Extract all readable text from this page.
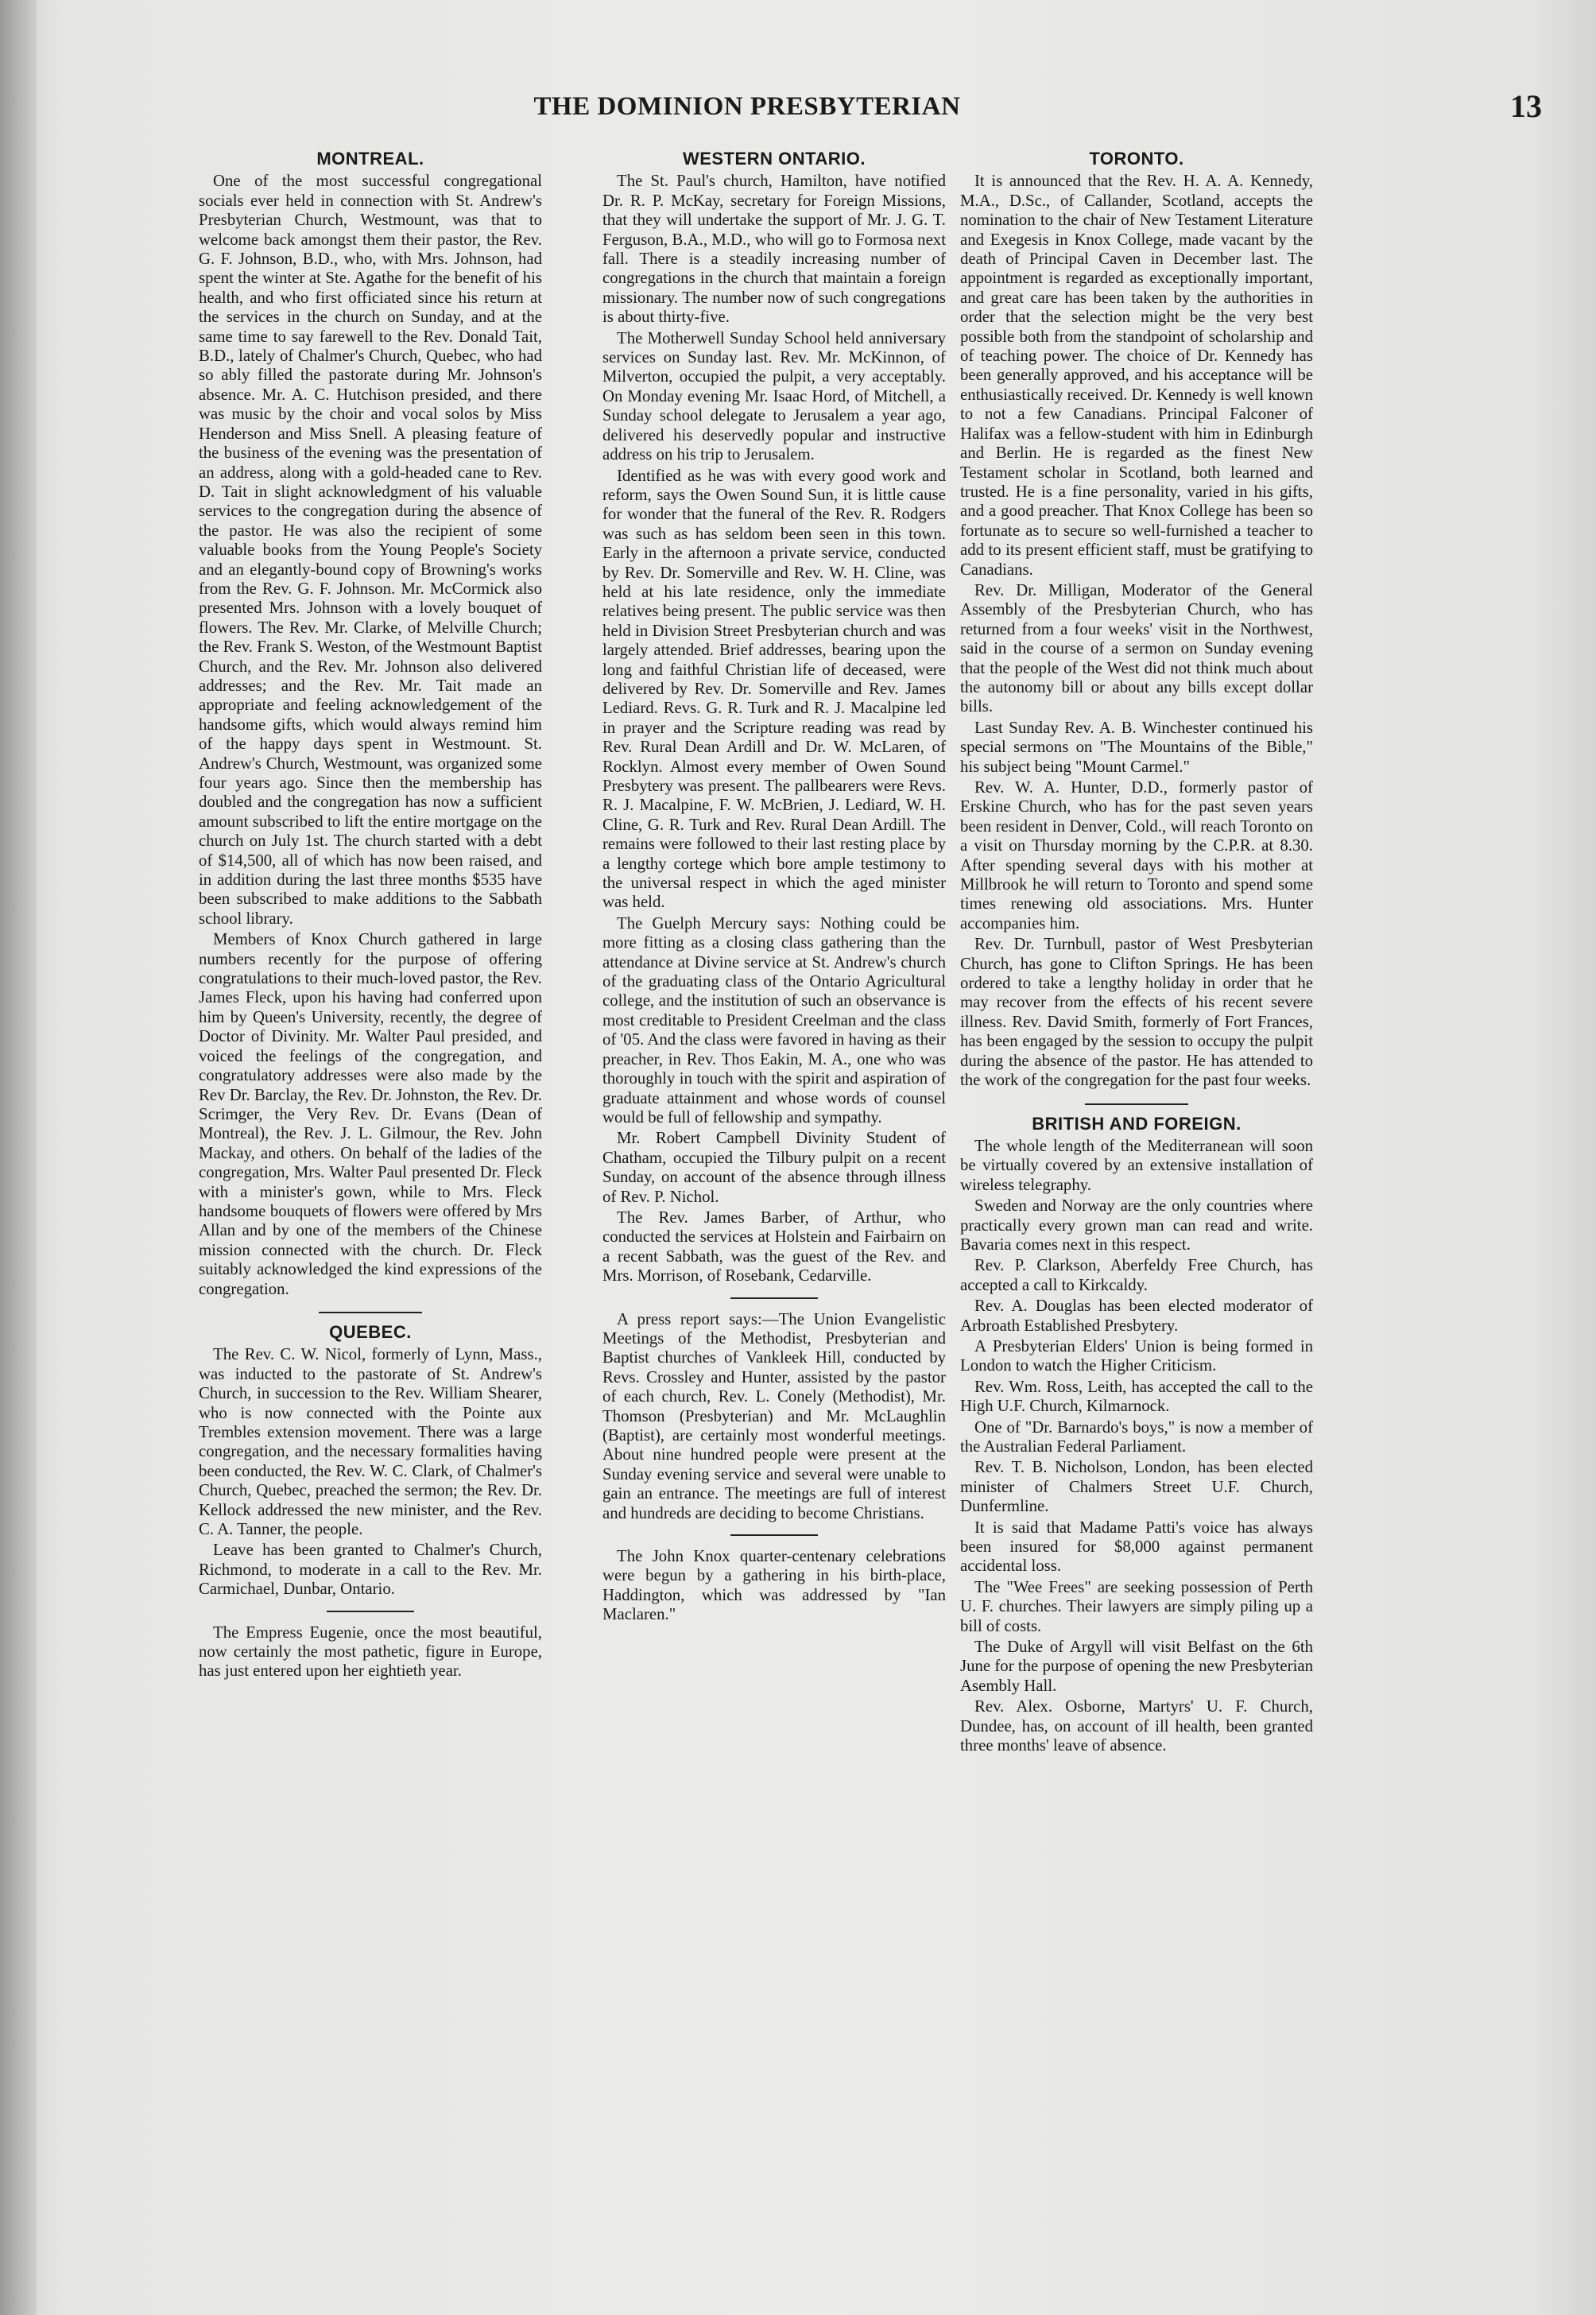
THE DOMINION PRESBYTERIAN	13
MONTREAL.

One of the most successful congregational socials ever held in connection with St. Andrew's Presbyterian Church, Westmount, was that to welcome back amongst them their pastor, the Rev. G. F. Johnson, B.D., who, with Mrs. Johnson, had spent the winter at Ste. Agathe for the benefit of his health, and who first officiated since his return at the services in the church on Sunday, and at the same time to say farewell to the Rev. Donald Tait, B.D., lately of Chalmer's Church, Quebec, who had so ably filled the pastorate during Mr. Johnson's absence. Mr. A. C. Hutchison presided, and there was music by the choir and vocal solos by Miss Henderson and Miss Snell. A pleasing feature of the business of the evening was the presentation of an address, along with a gold-headed cane to Rev. D. Tait in slight acknowledgment of his valuable services to the congregation during the absence of the pastor. He was also the recipient of some valuable books from the Young People's Society and an elegantly-bound copy of Browning's works from the Rev. G. F. Johnson. Mr. McCormick also presented Mrs. Johnson with a lovely bouquet of flowers. The Rev. Mr. Clarke, of Melville Church; the Rev. Frank S. Weston, of the Westmount Baptist Church, and the Rev. Mr. Johnson also delivered addresses; and the Rev. Mr. Tait made an appropriate and feeling acknowledgement of the handsome gifts, which would always remind him of the happy days spent in Westmount. St. Andrew's Church, Westmount, was organized some four years ago. Since then the membership has doubled and the congregation has now a sufficient amount subscribed to lift the entire mortgage on the church on July 1st. The church started with a debt of $14,500, all of which has now been raised, and in addition during the last three months $535 have been subscribed to make additions to the Sabbath school library.

Members of Knox Church gathered in large numbers recently for the purpose of offering congratulations to their much-loved pastor, the Rev. James Fleck, upon his having had conferred upon him by Queen's University, recently, the degree of Doctor of Divinity. Mr. Walter Paul presided, and voiced the feelings of the congregation, and congratulatory addresses were also made by the Rev Dr. Barclay, the Rev. Dr. Johnston, the Rev. Dr. Scrimger, the Very Rev. Dr. Evans (Dean of Montreal), the Rev. J. L. Gilmour, the Rev. John Mackay, and others. On behalf of the ladies of the congregation, Mrs. Walter Paul presented Dr. Fleck with a minister's gown, while to Mrs. Fleck handsome bouquets of flowers were offered by Mrs Allan and by one of the members of the Chinese mission connected with the church. Dr. Fleck suitably acknowledged the kind expressions of the congregation.

QUEBEC.

The Rev. C. W. Nicol, formerly of Lynn, Mass., was inducted to the pastorate of St. Andrew's Church, in succession to the Rev. William Shearer, who is now connected with the Pointe aux Trembles extension movement. There was a large congregation, and the necessary formalities having been conducted, the Rev. W. C. Clark, of Chalmer's Church, Quebec, preached the sermon; the Rev. Dr. Kellock addressed the new minister, and the Rev. C. A. Tanner, the people.

Leave has been granted to Chalmer's Church, Richmond, to moderate in a call to the Rev. Mr. Carmichael, Dunbar, Ontario.

The Empress Eugenie, once the most beautiful, now certainly the most pathetic, figure in Europe, has just entered upon her eightieth year.

WESTERN ONTARIO.

The St. Paul's church, Hamilton, have notified Dr. R. P. McKay, secretary for Foreign Missions, that they will undertake the support of Mr. J. G. T. Ferguson, B.A., M.D., who will go to Formosa next fall. There is a steadily increasing number of congregations in the church that maintain a foreign missionary. The number now of such congregations is about thirty-five.

The Motherwell Sunday School held anniversary services on Sunday last. Rev. Mr. McKinnon, of Milverton, occupied the pulpit, a very acceptably. On Monday evening Mr. Isaac Hord, of Mitchell, a Sunday school delegate to Jerusalem a year ago, delivered his deservedly popular and instructive address on his trip to Jerusalem.

Identified as he was with every good work and reform, says the Owen Sound Sun, it is little cause for wonder that the funeral of the Rev. R. Rodgers was such as has seldom been seen in this town. Early in the afternoon a private service, conducted by Rev. Dr. Somerville and Rev. W. H. Cline, was held at his late residence, only the immediate relatives being present. The public service was then held in Division Street Presbyterian church and was largely attended. Brief addresses, bearing upon the long and faithful Christian life of deceased, were delivered by Rev. Dr. Somerville and Rev. James Lediard. Revs. G. R. Turk and R. J. Macalpine led in prayer and the Scripture reading was read by Rev. Rural Dean Ardill and Dr. W. McLaren, of Rocklyn. Almost every member of Owen Sound Presbytery was present. The pallbearers were Revs. R. J. Macalpine, F. W. McBrien, J. Lediard, W. H. Cline, G. R. Turk and Rev. Rural Dean Ardill. The remains were followed to their last resting place by a lengthy cortege which bore ample testimony to the universal respect in which the aged minister was held.

The Guelph Mercury says: Nothing could be more fitting as a closing class gathering than the attendance at Divine service at St. Andrew's church of the graduating class of the Ontario Agricultural college, and the institution of such an observance is most creditable to President Creelman and the class of '05. And the class were favored in having as their preacher, in Rev. Thos Eakin, M. A., one who was thoroughly in touch with the spirit and aspiration of graduate attainment and whose words of counsel would be full of fellowship and sympathy.

Mr. Robert Campbell Divinity Student of Chatham, occupied the Tilbury pulpit on a recent Sunday, on account of the absence through illness of Rev. P. Nichol.

The Rev. James Barber, of Arthur, who conducted the services at Holstein and Fairbairn on a recent Sabbath, was the guest of the Rev. and Mrs. Morrison, of Rosebank, Cedarville.

A press report says:—The Union Evangelistic Meetings of the Methodist, Presbyterian and Baptist churches of Vankleek Hill, conducted by Revs. Crossley and Hunter, assisted by the pastor of each church, Rev. L. Conely (Methodist), Mr. Thomson (Presbyterian) and Mr. McLaughlin (Baptist), are certainly most wonderful meetings. About nine hundred people were present at the Sunday evening service and several were unable to gain an entrance. The meetings are full of interest and hundreds are deciding to become Christians.

The John Knox quarter-centenary celebrations were begun by a gathering in his birth-place, Haddington, which was addressed by "Ian Maclaren."

TORONTO.

It is announced that the Rev. H. A. A. Kennedy, M.A., D.Sc., of Callander, Scotland, accepts the nomination to the chair of New Testament Literature and Exegesis in Knox College, made vacant by the death of Principal Caven in December last. The appointment is regarded as exceptionally important, and great care has been taken by the authorities in order that the selection might be the very best possible both from the standpoint of scholarship and of teaching power. The choice of Dr. Kennedy has been generally approved, and his acceptance will be enthusiastically received. Dr. Kennedy is well known to not a few Canadians. Principal Falconer of Halifax was a fellow-student with him in Edinburgh and Berlin. He is regarded as the finest New Testament scholar in Scotland, both learned and trusted. He is a fine personality, varied in his gifts, and a good preacher. That Knox College has been so fortunate as to secure so well-furnished a teacher to add to its present efficient staff, must be gratifying to Canadians.

Rev. Dr. Milligan, Moderator of the General Assembly of the Presbyterian Church, who has returned from a four weeks' visit in the Northwest, said in the course of a sermon on Sunday evening that the people of the West did not think much about the autonomy bill or about any bills except dollar bills.

Last Sunday Rev. A. B. Winchester continued his special sermons on "The Mountains of the Bible," his subject being "Mount Carmel."

Rev. W. A. Hunter, D.D., formerly pastor of Erskine Church, who has for the past seven years been resident in Denver, Cold., will reach Toronto on a visit on Thursday morning by the C.P.R. at 8.30. After spending several days with his mother at Millbrook he will return to Toronto and spend some times renewing old associations. Mrs. Hunter accompanies him.

Rev. Dr. Turnbull, pastor of West Presbyterian Church, has gone to Clifton Springs. He has been ordered to take a lengthy holiday in order that he may recover from the effects of his recent severe illness. Rev. David Smith, formerly of Fort Frances, has been engaged by the session to occupy the pulpit during the absence of the pastor. He has attended to the work of the congregation for the past four weeks.

BRITISH AND FOREIGN.

The whole length of the Mediterranean will soon be virtually covered by an extensive installation of wireless telegraphy.

Sweden and Norway are the only countries where practically every grown man can read and write. Bavaria comes next in this respect.

Rev. P. Clarkson, Aberfeldy Free Church, has accepted a call to Kirkcaldy.

Rev. A. Douglas has been elected moderator of Arbroath Established Presbytery.

A Presbyterian Elders' Union is being formed in London to watch the Higher Criticism.

Rev. Wm. Ross, Leith, has accepted the call to the High U.F. Church, Kilmarnock.

One of "Dr. Barnardo's boys," is now a member of the Australian Federal Parliament.

Rev. T. B. Nicholson, London, has been elected minister of Chalmers Street U.F. Church, Dunfermline.

It is said that Madame Patti's voice has always been insured for $8,000 against permanent accidental loss.

The "Wee Frees" are seeking possession of Perth U. F. churches. Their lawyers are simply piling up a bill of costs.

The Duke of Argyll will visit Belfast on the 6th June for the purpose of opening the new Presbyterian Asembly Hall.

Rev. Alex. Osborne, Martyrs' U. F. Church, Dundee, has, on account of ill health, been granted three months' leave of absence.
